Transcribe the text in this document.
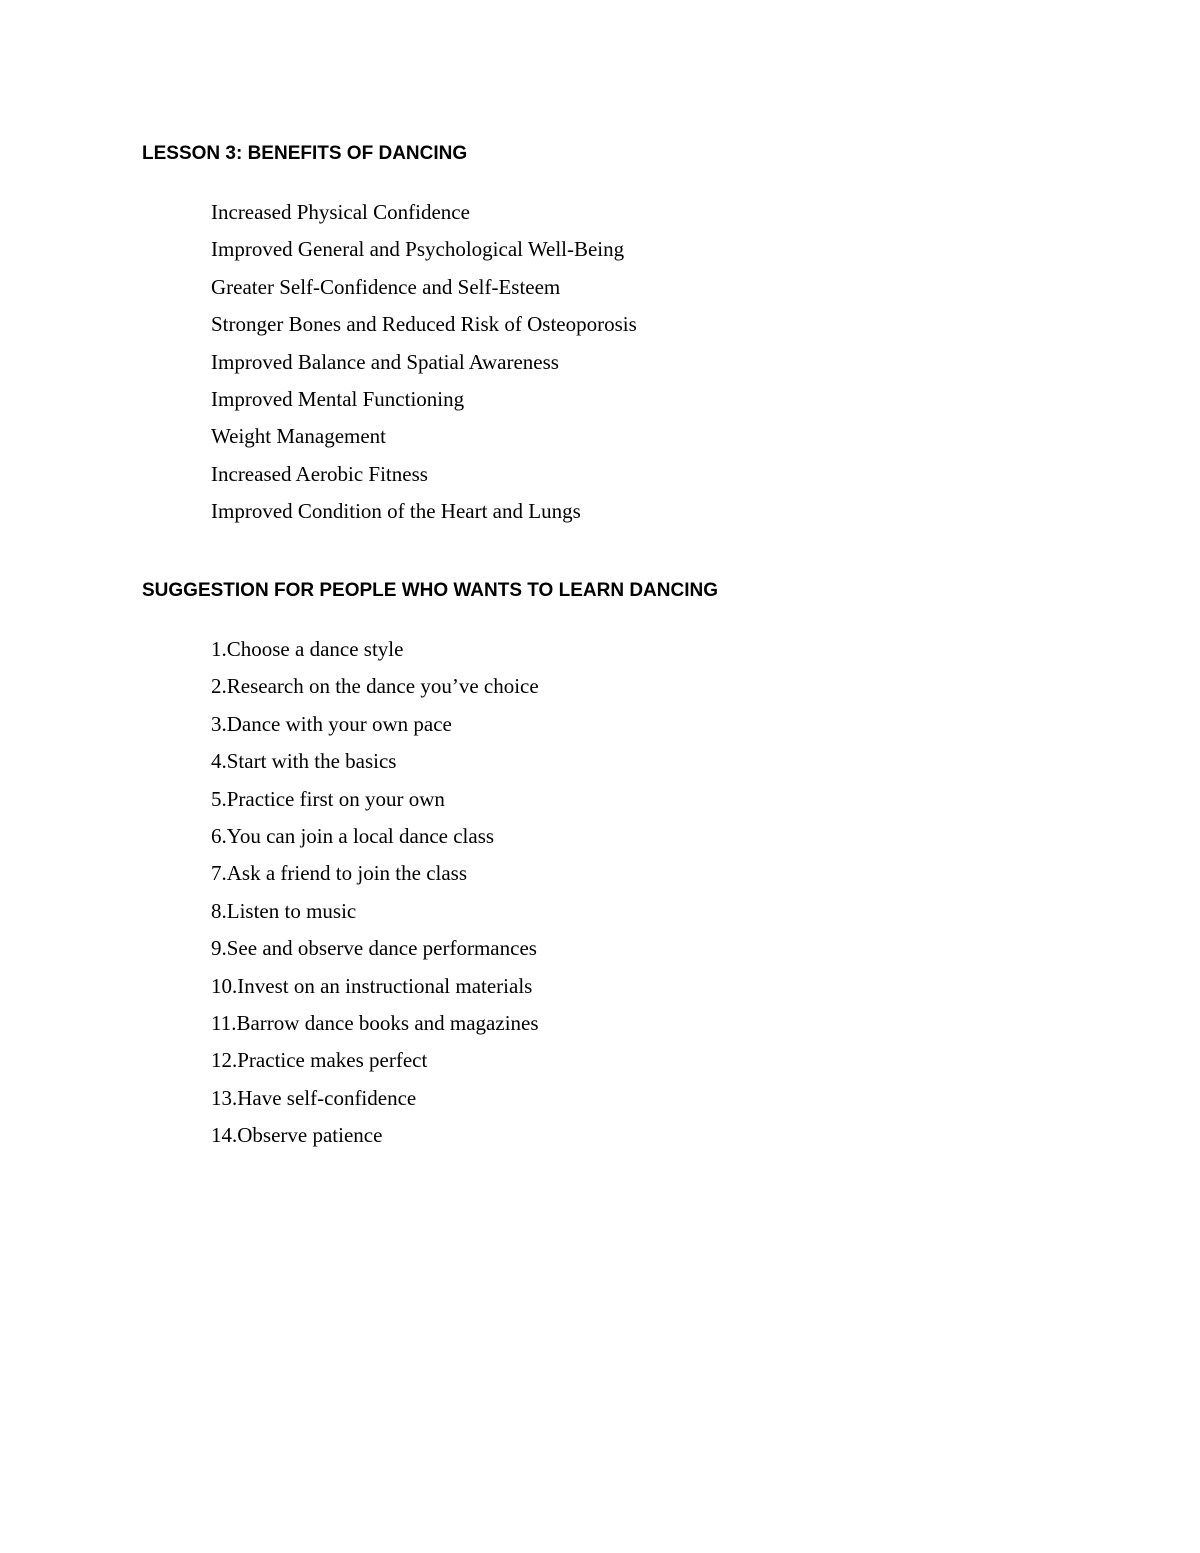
LESSON 3: BENEFITS OF DANCING
Increased Physical Confidence
Improved General and Psychological Well-Being
Greater Self-Confidence and Self-Esteem
Stronger Bones and Reduced Risk of Osteoporosis
Improved Balance and Spatial Awareness
Improved Mental Functioning
Weight Management
Increased Aerobic Fitness
Improved Condition of the Heart and Lungs
SUGGESTION FOR PEOPLE WHO WANTS TO LEARN DANCING
1.Choose a dance style
2.Research on the dance you’ve choice
3.Dance with your own pace
4.Start with the basics
5.Practice first on your own
6.You can join a local dance class
7.Ask a friend to join the class
8.Listen to music
9.See and observe dance performances
10.Invest on an instructional materials
11.Barrow dance books and magazines
12.Practice makes perfect
13.Have self-confidence
14.Observe patience
